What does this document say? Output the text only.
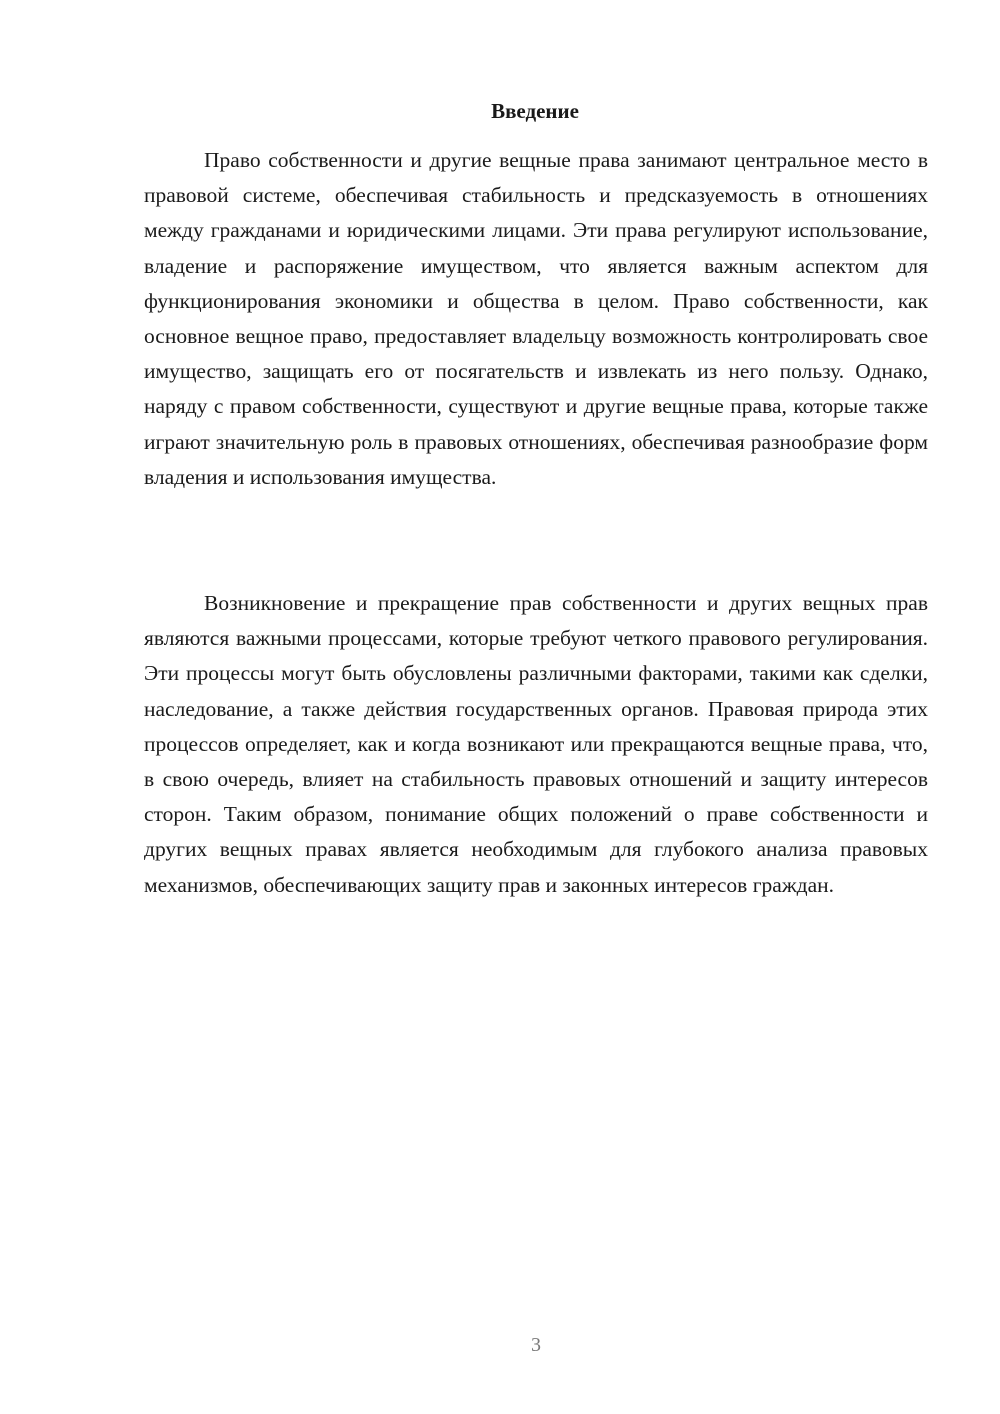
Введение

Право собственности и другие вещные права занимают центральное место в правовой системе, обеспечивая стабильность и предсказуемость в отношениях между гражданами и юридическими лицами. Эти права регулируют использование, владение и распоряжение имуществом, что является важным аспектом для функционирования экономики и общества в целом. Право собственности, как основное вещное право, предоставляет владельцу возможность контролировать свое имущество, защищать его от посягательств и извлекать из него пользу. Однако, наряду с правом собственности, существуют и другие вещные права, которые также играют значительную роль в правовых отношениях, обеспечивая разнообразие форм владения и использования имущества.

Возникновение и прекращение прав собственности и других вещных прав являются важными процессами, которые требуют четкого правового регулирования. Эти процессы могут быть обусловлены различными факторами, такими как сделки, наследование, а также действия государственных органов. Правовая природа этих процессов определяет, как и когда возникают или прекращаются вещные права, что, в свою очередь, влияет на стабильность правовых отношений и защиту интересов сторон. Таким образом, понимание общих положений о праве собственности и других вещных правах является необходимым для глубокого анализа правовых механизмов, обеспечивающих защиту прав и законных интересов граждан.

3
